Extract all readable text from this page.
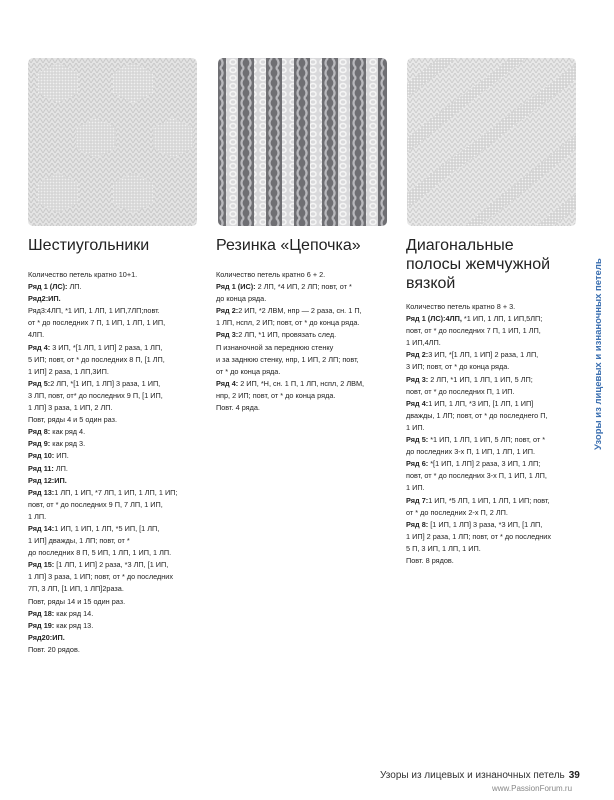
Шестиугольники
Количество петель кратно 10+1.
Ряд 1 (ЛС): ЛП.
Ряд2:ИП.
Ряд3:4ЛП, *1 ИП, 1 ЛП, 1 ИП,7ЛП;повт.
от * до последних 7 П, 1 ИП, 1 ЛП, 1 ИП,
4ЛП.
Ряд 4: 3 ИП, *[1 ЛП, 1 ИП] 2 раза, 1 ЛП,
5 ИП; повт, от * до последних 8 П, [1 ЛП,
1 ИП] 2 раза, 1 ЛП,3ИП.
Ряд 5:2 ЛП, *[1 ИП, 1 ЛП] 3 раза, 1 ИП,
3 ЛП, повт, от* до последних 9 П, [1 ИП,
1 ЛП] 3 раза, 1 ИП, 2 ЛП.
Повт, ряды 4 и 5 один раз.
Ряд 8: как ряд 4.
Ряд 9: как ряд 3.
Ряд 10: ИП.
Ряд 11: ЛП.
Ряд 12:ИП.
Ряд 13:1 ЛП, 1 ИП, *7 ЛП, 1 ИП, 1 ЛП, 1 ИП;
повт, от * до последних 9 П, 7 ЛП, 1 ИП,
1 ЛП.
Ряд 14:1 ИП, 1 ИП, 1 ЛП, *5 ИП, [1 ЛП,
1 ИП] дважды, 1 ЛП; повт, от *
до последних 8 П, 5 ИП, 1 ЛП, 1 ИП, 1 ЛП.
Ряд 15: [1 ЛП, 1 ИП] 2 раза, *3 ЛП, [1 ИП,
1 ЛП] 3 раза, 1 ИП; повт, от * до последних
7П, 3 ЛП, [1 ИП, 1 ЛП]2раза.
Повт, ряды 14 и 15 один раз.
Ряд 18: как ряд 14.
Ряд 19: как ряд 13.
Ряд20:ИП.
Повт. 20 рядов.
Резинка «Цепочка»
Количество петель кратно 6 + 2.
Ряд 1 (ИС): 2 ЛП, *4 ИП, 2 ЛП; повт, от *
до конца ряда.
Ряд 2:2 ИП, *2 ЛВМ, нпр — 2 раза, сн. 1 П,
1 ЛП, нспл, 2 ИП; повт, от * до конца ряда.
Ряд 3:2 ЛП, *1 ИП, провязать след.
П изнаночной за переднюю стенку
и за заднюю стенку, нпр, 1 ИП, 2 ЛП; повт,
от * до конца ряда.
Ряд 4: 2 ИП, *Н, сн. 1 П, 1 ЛП, нспл, 2 ЛВМ,
нпр, 2 ИП; повт, от * до конца ряда.
Повт. 4 ряда.
Диагональные
полосы жемчужной
вязкой
Количество петель кратно 8 + 3.
Ряд 1 (ЛС):4ЛП, *1 ИП, 1 ЛП, 1 ИП,5ЛП;
повт, от * до последних 7 П, 1 ИП, 1 ЛП,
1 ИП,4ЛП.
Ряд 2:3 ИП, *[1 ЛП, 1 ИП] 2 раза, 1 ЛП,
3 ИП; повт, от * до конца ряда.
Ряд 3: 2 ЛП, *1 ИП, 1 ЛП, 1 ИП, 5 ЛП;
повт, от * до последних П, 1 ИП.
Ряд 4:1 ИП, 1 ЛП, *3 ИП, [1 ЛП, 1 ИП]
дважды, 1 ЛП; повт, от * до последнего П,
1 ИП.
Ряд 5: *1 ИП, 1 ЛП, 1 ИП, 5 ЛП; повт, от *
до последних 3-х П, 1 ИП, 1 ЛП, 1 ИП.
Ряд 6: *[1 ИП, 1 ЛП] 2 раза, 3 ИП, 1 ЛП;
повт, от * до последних 3-х П, 1 ИП, 1 ЛП,
1 ИП.
Ряд 7:1 ИП, *5 ЛП, 1 ИП, 1 ЛП, 1 ИП; повт,
от * до последних 2-х П, 2 ЛП.
Ряд 8: [1 ИП, 1 ЛП] 3 раза, *3 ИП, [1 ЛП,
1 ИП] 2 раза, 1 ЛП; повт, от * до последних
5 П, 3 ИП, 1 ЛП, 1 ИП.
Повт. 8 рядов.
Узоры из лицевых и изнаночных петель
Узоры из лицевых и изнаночных петель 39
www.PassionForum.ru
